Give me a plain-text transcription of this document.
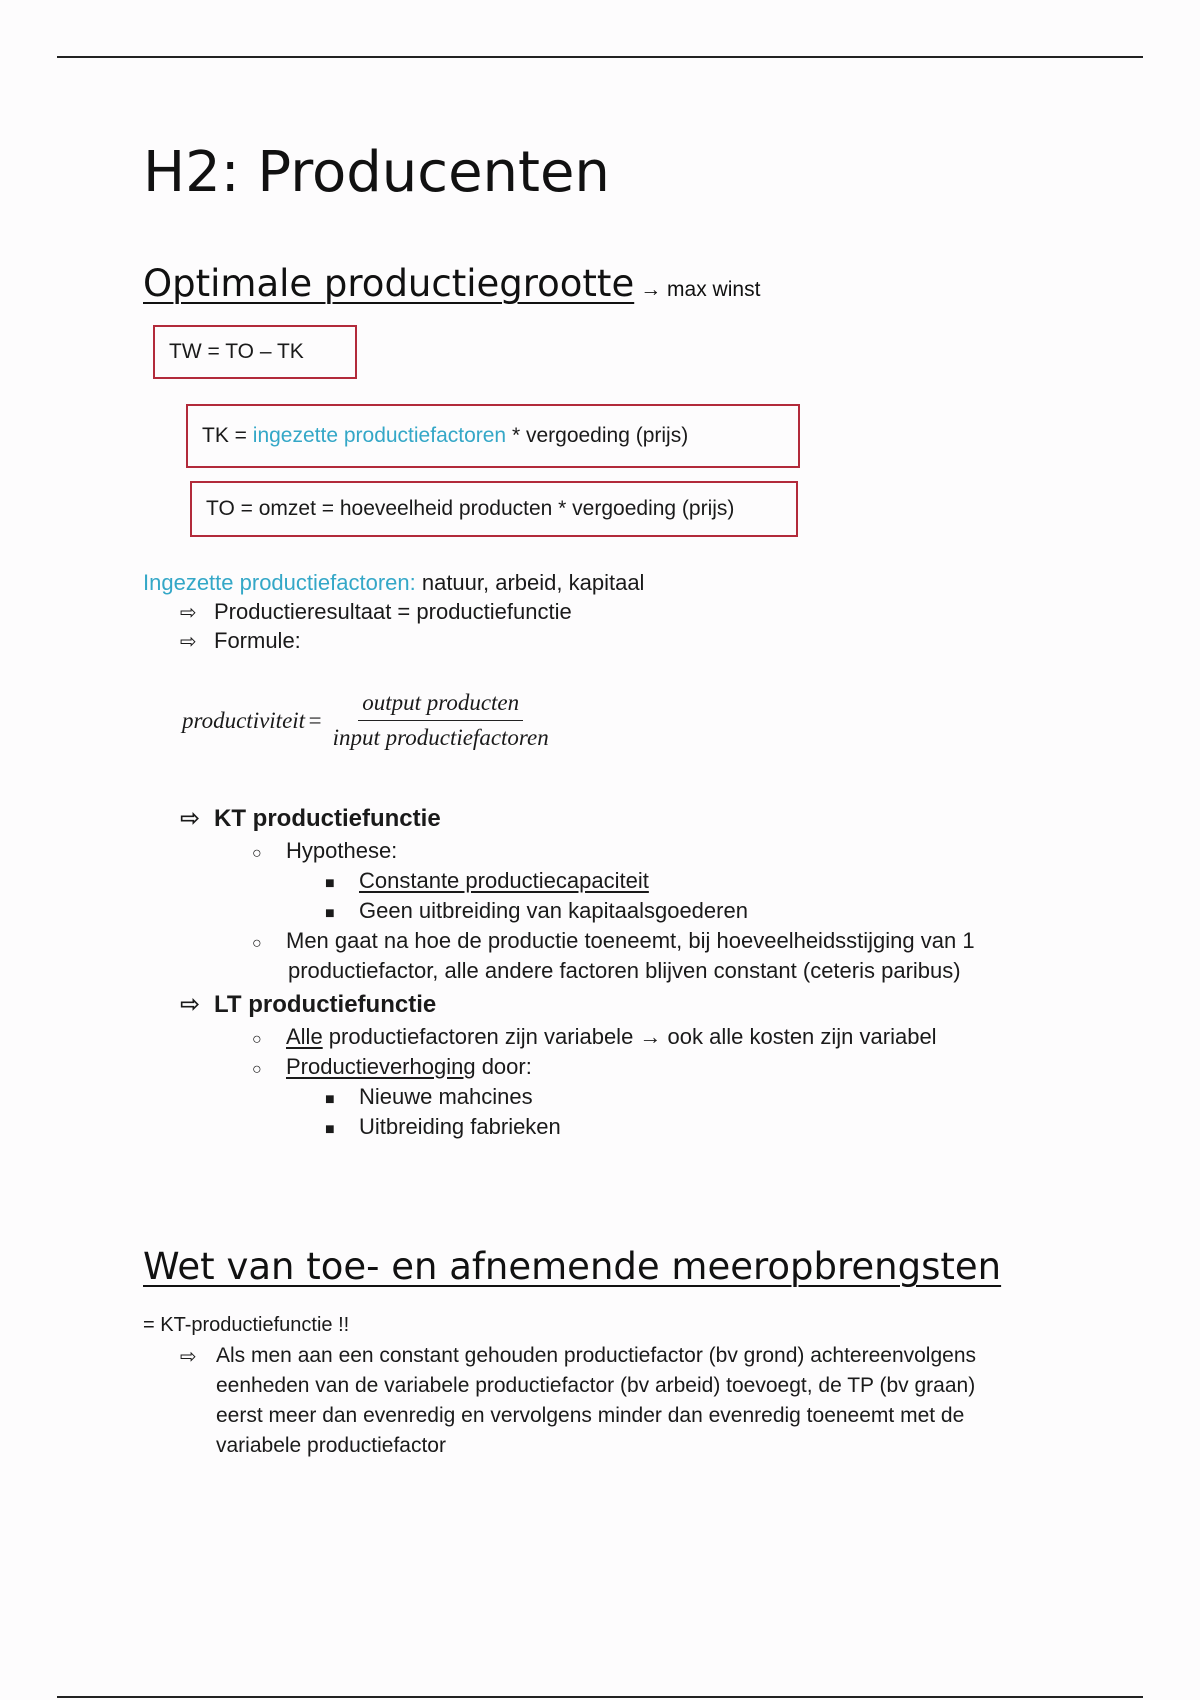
H2: Producenten
Optimale productiegrootte → max winst
TW = TO – TK
TK = ingezette productiefactoren * vergoeding (prijs)
TO = omzet = hoeveelheid producten * vergoeding (prijs)
Ingezette productiefactoren: natuur, arbeid, kapitaal
⇨ Productieresultaat = productiefunctie
⇨ Formule:
productiviteit = $\frac{\text{output producten}}{\text{input productiefactoren}}$
⇨ KT productiefunctie
○ Hypothese:
■ Constante productiecapaciteit
■ Geen uitbreiding van kapitaalsgoederen
○ Men gaat na hoe de productie toeneemt, bij hoeveelheidsstijging van 1
productiefactor, alle andere factoren blijven constant (ceteris paribus)
⇨ LT productiefunctie
○ Alle productiefactoren zijn variabele → ook alle kosten zijn variabel
○ Productieverhoging door:
■ Nieuwe mahcines
■ Uitbreiding fabrieken
Wet van toe- en afnemende meeropbrengsten
= KT-productiefunctie !!
⇨ Als men aan een constant gehouden productiefactor (bv grond) achtereenvolgens
eenheden van de variabele productiefactor (bv arbeid) toevoegt, de TP (bv graan)
eerst meer dan evenredig en vervolgens minder dan evenredig toeneemt met de
variabele productiefactor
